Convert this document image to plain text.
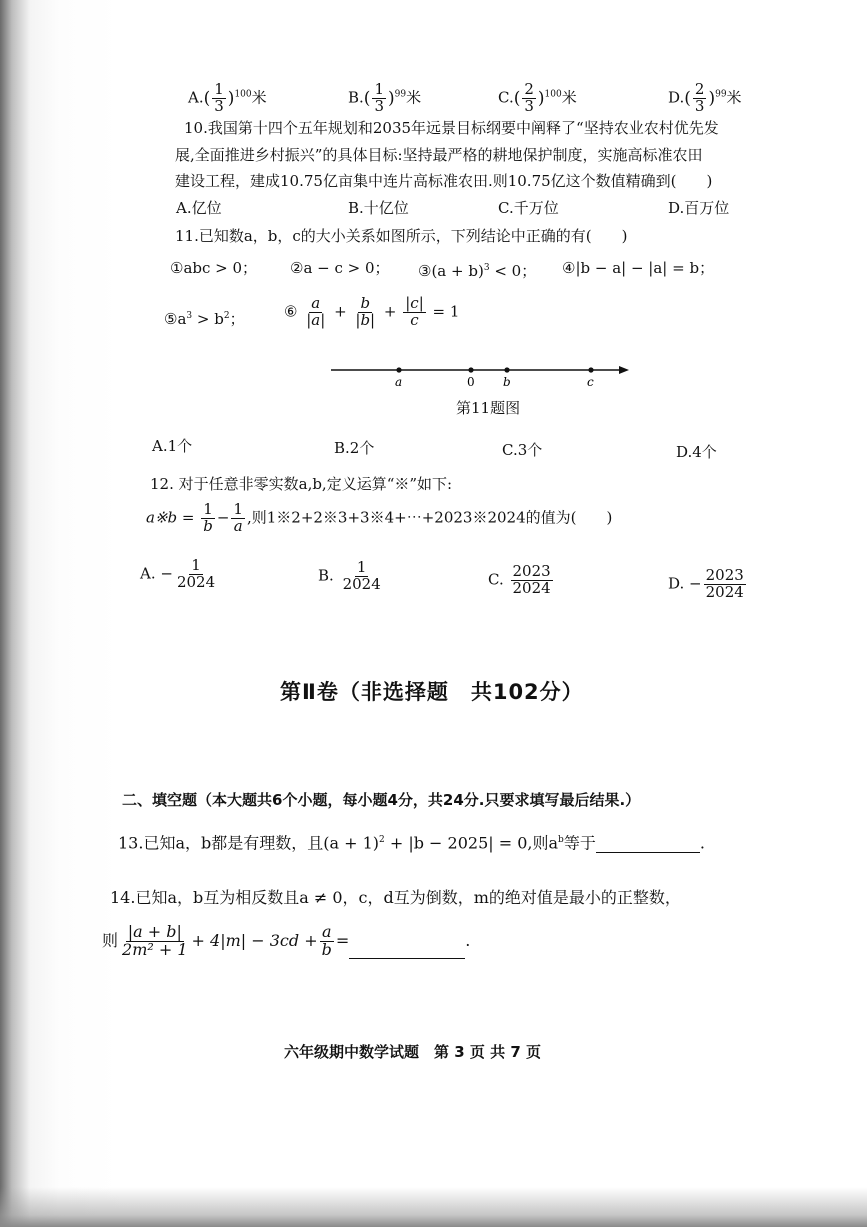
$A.( \frac{1}{3} )^{100}$米	$B.( \frac{1}{3} )^{99}$米	$C.( \frac{2}{3} )^{100}$米	$D.( \frac{2}{3} )^{99}$米
10.我国第十四个五年规划和2035年远景目标纲要中阐释了“坚持农业农村优先发
展,全面推进乡村振兴”的具体目标:坚持最严格的耕地保护制度，实施高标准农田
建设工程，建成10.75亿亩集中连片高标准农田.则10.75亿这个数值精确到(　　)
A.亿位	B.十亿位	C.千万位	D.百万位
11.已知数a，b，c的大小关系如图所示，下列结论中正确的有(　　)
①abc > 0； ②a − c > 0； ③(a + b)$^3$ < 0； ④|b − a| − |a| = b；
$⑤a^3 > b^2$；	⑥ $\frac{a}{|a|} + \frac{b}{|b|} + \frac{|c|}{c} = 1$
a	0 b	c
第11题图
A.1个	B.2个	C.3个	D.4个
12. 对于任意非零实数a,b,定义运算“※”如下:
a※b = $\frac{1}{b} - \frac{1}{a}$ ,则1※2+2※3+3※4+⋯+2023※2024的值为(　　)
A. − $\frac{1}{2024}$	B. $\frac{1}{2024}$	C. $\frac{2023}{2024}$	D. − $\frac{2023}{2024}$
第Ⅱ卷（非选择题　共102分）
二、填空题（本大题共6个小题，每小题4分，共24分.只要求填写最后结果.）
13.已知a，b都是有理数，且$(a + 1)^2 + |b - 2025| = 0$,则$a^b$等于	.
14.已知a，b互为相反数且a ≠ 0，c，d互为倒数，m的绝对值是最小的正整数，
则 $\frac{|a + b|}{\text{2m² + 1}} + 4|m| - 3cd + \frac{a}{b}$ =	.
六年级期中数学试题　第 3 页 共 7 页
